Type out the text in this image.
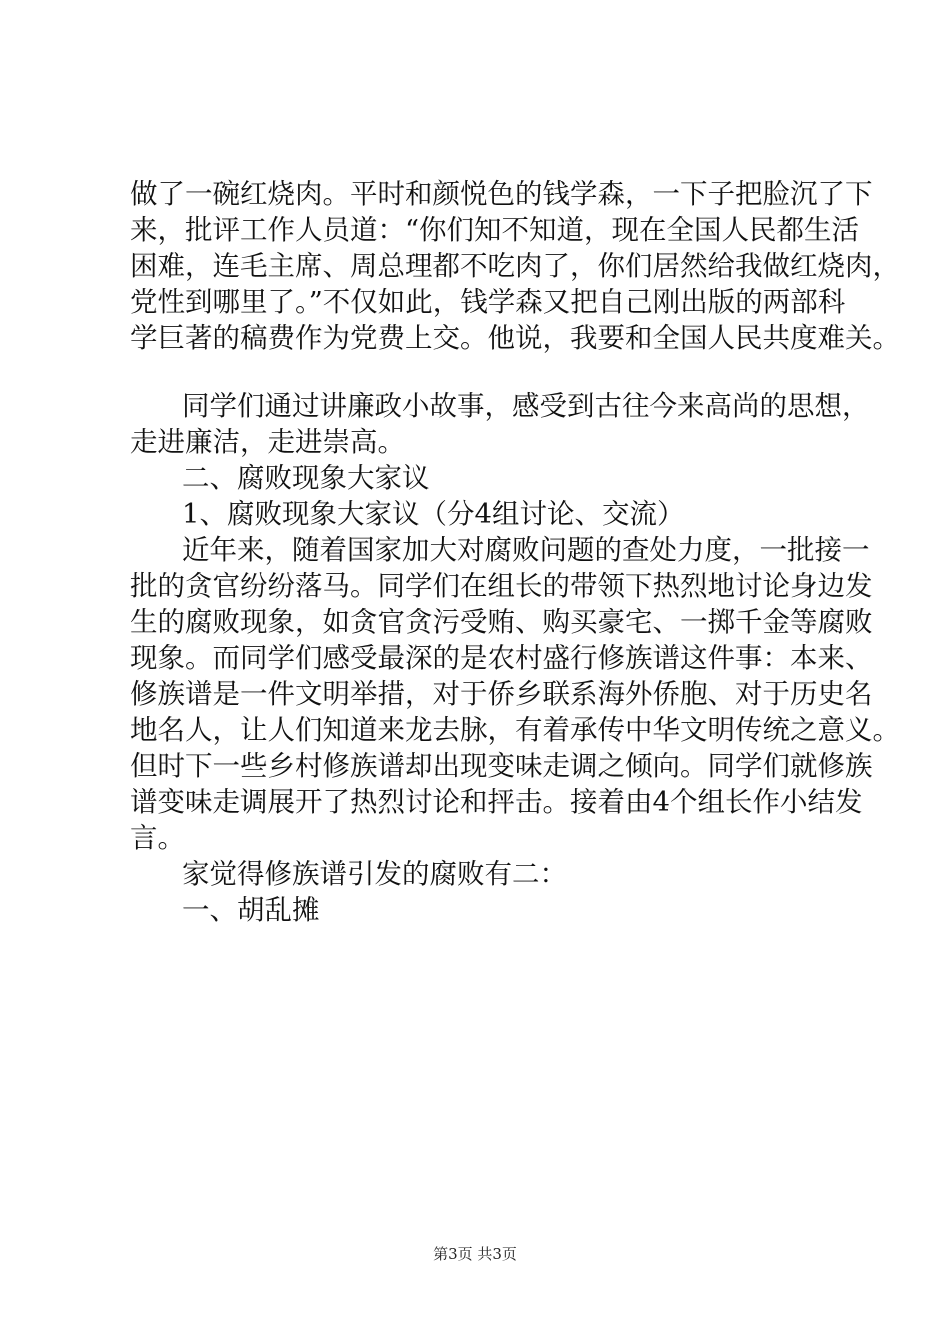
做了一碗红烧肉。平时和颜悦色的钱学森，一下子把脸沉了下
来，批评工作人员道：“你们知不知道，现在全国人民都生活
困难，连毛主席、周总理都不吃肉了，你们居然给我做红烧肉，
党性到哪里了。”不仅如此，钱学森又把自己刚出版的两部科
学巨著的稿费作为党费上交。他说，我要和全国人民共度难关。
同学们通过讲廉政小故事，感受到古往今来高尚的思想，
走进廉洁，走进崇高。
二、腐败现象大家议
1、腐败现象大家议（分4组讨论、交流）
近年来，随着国家加大对腐败问题的查处力度，一批接一
批的贪官纷纷落马。同学们在组长的带领下热烈地讨论身边发
生的腐败现象，如贪官贪污受贿、购买豪宅、一掷千金等腐败
现象。而同学们感受最深的是农村盛行修族谱这件事：本来、
修族谱是一件文明举措，对于侨乡联系海外侨胞、对于历史名
地名人，让人们知道来龙去脉，有着承传中华文明传统之意义。
但时下一些乡村修族谱却出现变味走调之倾向。同学们就修族
谱变味走调展开了热烈讨论和抨击。接着由4个组长作小结发
言。
家觉得修族谱引发的腐败有二：
一、胡乱摊
第3页 共3页
